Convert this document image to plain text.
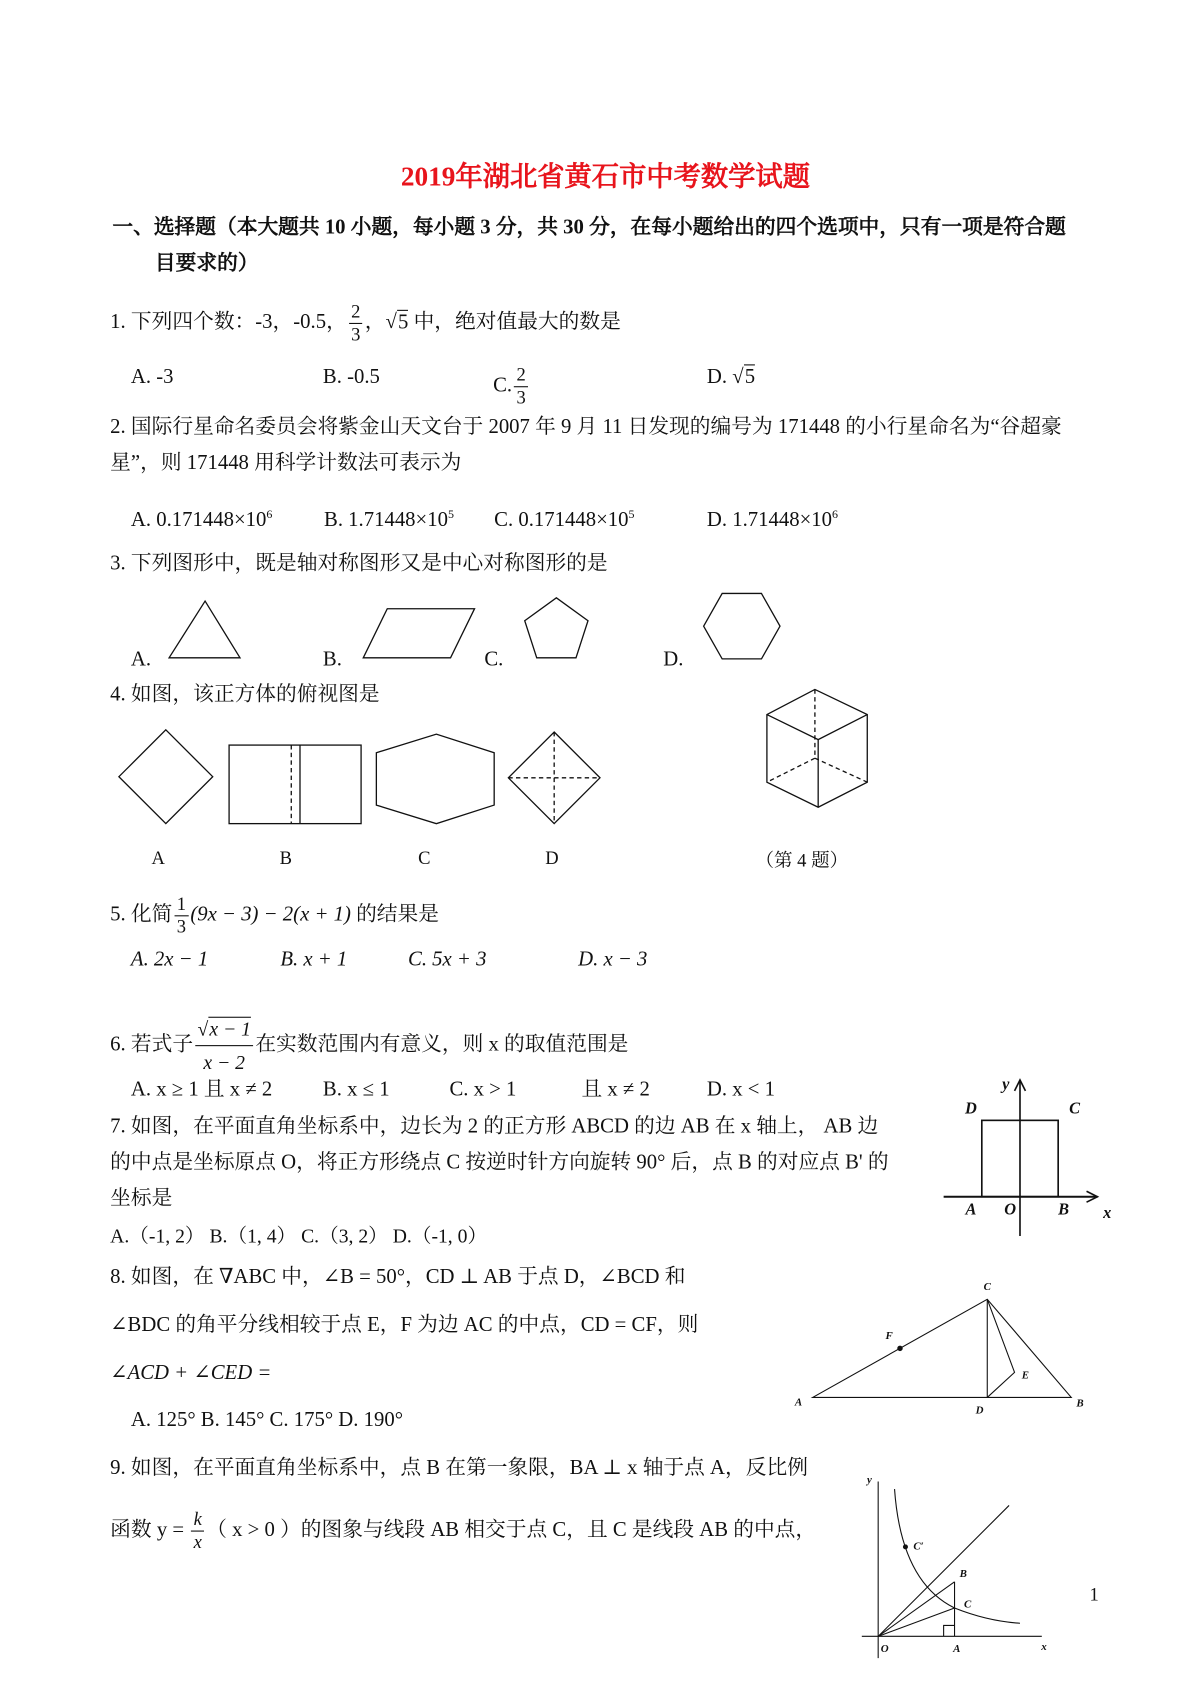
2019年湖北省黄石市中考数学试题
一、选择题（本大题共 10 小题，每小题 3 分，共 30 分，在每小题给出的四个选项中，只有一项是符合题
目要求的）
1. 下列四个数：-3，-0.5， $\frac{2}{3}$ ，√5 中，绝对值最大的数是
A. -3	B. -0.5	C. $\frac{2}{3}$	D. √5
2. 国际行星命名委员会将紫金山天文台于 2007 年 9 月 11 日发现的编号为 171448 的小行星命名为“谷超豪
星”，则 171448 用科学计数法可表示为
A. $0.171448\times 10^6$	B. $1.71448\times 10^5$ C. $0.171448\times 10^5$	D. $1.71448\times 10^6$
3. 下列图形中，既是轴对称图形又是中心对称图形的是
A.	B.	C.	D.
4. 如图，该正方体的俯视图是
A	B	C	D	（第 4 题）
5. 化简 $\frac{1}{3} (9x - 3) - 2(x + 1)$ 的结果是
A. 2x − 1	B. x + 1	C. 5x + 3	D. x − 3
6. 若式子 $\frac{√x - 1}{x - 2}$ 在实数范围内有意义，则 x 的取值范围是
A. x ≥ 1 且 x ≠ 2	B. x ≤ 1	C. x > 1	且 x ≠ 2	D. x < 1
7. 如图，在平面直角坐标系中，边长为 2 的正方形 ABCD 的边 AB 在 x 轴上， AB 边
的中点是坐标原点 O，将正方形绕点 C 按逆时针方向旋转 90° 后，点 B 的对应点 B' 的
坐标是
A.（-1, 2） B.（1, 4） C.（3, 2） D.（-1, 0）
8. 如图，在 ∇ABC 中，∠B = 50°，CD ⊥ AB 于点 D，∠BCD 和
∠BDC 的角平分线相较于点 E，F 为边 AC 的中点，CD = CF，则
∠ACD + ∠CED =
A. 125° B. 145° C. 175° D. 190°
9. 如图，在平面直角坐标系中，点 B 在第一象限，BA ⊥ x 轴于点 A，反比例
函数 $y = \frac{k}{x}$ （ x > 0 ）的图象与线段 AB 相交于点 C，且 C 是线段 AB 的中点，
1
D	C
A O	B x
y
C
F
E
A
D
B
y
C′
B
C
O	A	x
